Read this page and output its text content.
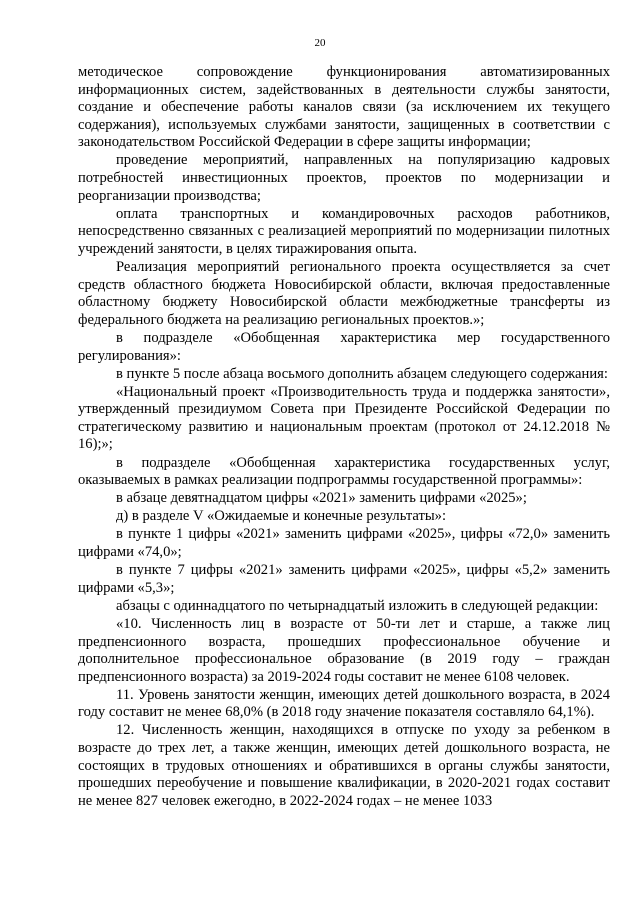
20

методическое сопровождение функционирования автоматизированных информационных систем, задействованных в деятельности службы занятости, создание и обеспечение работы каналов связи (за исключением их текущего содержания), используемых службами занятости, защищенных в соответствии с законодательством Российской Федерации в сфере защиты информации;

проведение мероприятий, направленных на популяризацию кадровых потребностей инвестиционных проектов, проектов по модернизации и реорганизации производства;

оплата транспортных и командировочных расходов работников, непосредственно связанных с реализацией мероприятий по модернизации пилотных учреждений занятости, в целях тиражирования опыта.

Реализация мероприятий регионального проекта осуществляется за счет средств областного бюджета Новосибирской области, включая предоставленные областному бюджету Новосибирской области межбюджетные трансферты из федерального бюджета на реализацию региональных проектов.»;

в подразделе «Обобщенная характеристика мер государственного регулирования»:

в пункте 5 после абзаца восьмого дополнить абзацем следующего содержания:

«Национальный проект «Производительность труда и поддержка занятости», утвержденный президиумом Совета при Президенте Российской Федерации по стратегическому развитию и национальным проектам (протокол от 24.12.2018 № 16);»;

в подразделе «Обобщенная характеристика государственных услуг, оказываемых в рамках реализации подпрограммы государственной программы»:

в абзаце девятнадцатом цифры «2021» заменить цифрами «2025»;

д) в разделе V «Ожидаемые и конечные результаты»:

в пункте 1 цифры «2021» заменить цифрами «2025», цифры «72,0» заменить цифрами «74,0»;

в пункте 7 цифры «2021» заменить цифрами «2025», цифры «5,2» заменить цифрами «5,3»;

абзацы с одиннадцатого по четырнадцатый изложить в следующей редакции:

«10. Численность лиц в возрасте от 50-ти лет и старше, а также лиц предпенсионного возраста, прошедших профессиональное обучение и дополнительное профессиональное образование (в 2019 году – граждан предпенсионного возраста) за 2019-2024 годы составит не менее 6108 человек.

11. Уровень занятости женщин, имеющих детей дошкольного возраста, в 2024 году составит не менее 68,0% (в 2018 году значение показателя составляло 64,1%).

12. Численность женщин, находящихся в отпуске по уходу за ребенком в возрасте до трех лет, а также женщин, имеющих детей дошкольного возраста, не состоящих в трудовых отношениях и обратившихся в органы службы занятости, прошедших переобучение и повышение квалификации, в 2020-2021 годах составит не менее 827 человек ежегодно, в 2022-2024 годах – не менее 1033
